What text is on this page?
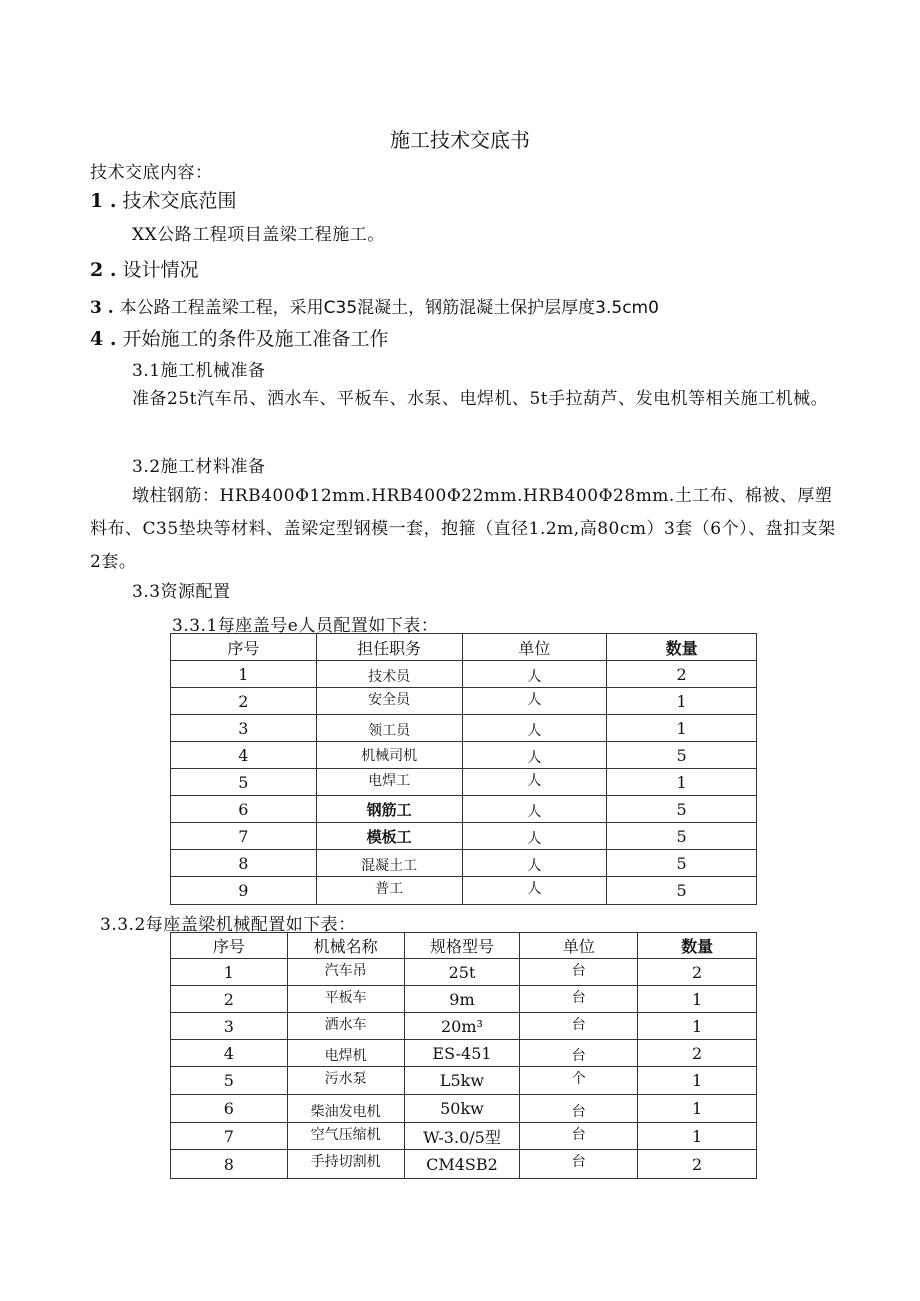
施工技术交底书
技术交底内容：
1 . 技术交底范围
XX公路工程项目盖梁工程施工。
2 . 设计情况
3 . 本公路工程盖梁工程，采用C35混凝土，钢筋混凝土保护层厚度3.5cm0
4 . 开始施工的条件及施工准备工作
3.1施工机械准备
准备25t汽车吊、洒水车、平板车、水泵、电焊机、5t手拉葫芦、发电机等相关施工机械。
3.2施工材料准备
墩柱钢筋：HRB400Φ12mm.HRB400Φ22mm.HRB400Φ28mm.土工布、棉被、厚塑料布、C35垫块等材料、盖梁定型钢模一套，抱箍（直径1.2m,高80cm）3套（6个）、盘扣支架2套。
3.3资源配置
3.3.1每座盖号e人员配置如下表：
序号	担任职务	单位	数量
1	技术员	人	2
2	安全员	人	1
3	领工员	人	1
4	机械司机	人	5
5	电焊工	人	1
6	钢筋工	人	5
7	模板工	人	5
8	混凝土工	人	5
9	普工	人	5
3.3.2每座盖梁机械配置如下表：
序号	机械名称	规格型号	单位	数量
1	汽车吊	25t	台	2
2	平板车	9m	台	1
3	洒水车	20m³	台	1
4	电焊机	ES-451	台	2
5	污水泵	L5kw	个	1
6	柴油发电机	50kw	台	1
7	空气压缩机	W-3.0/5型	台	1
8	手持切割机	CM4SB2	台	2
